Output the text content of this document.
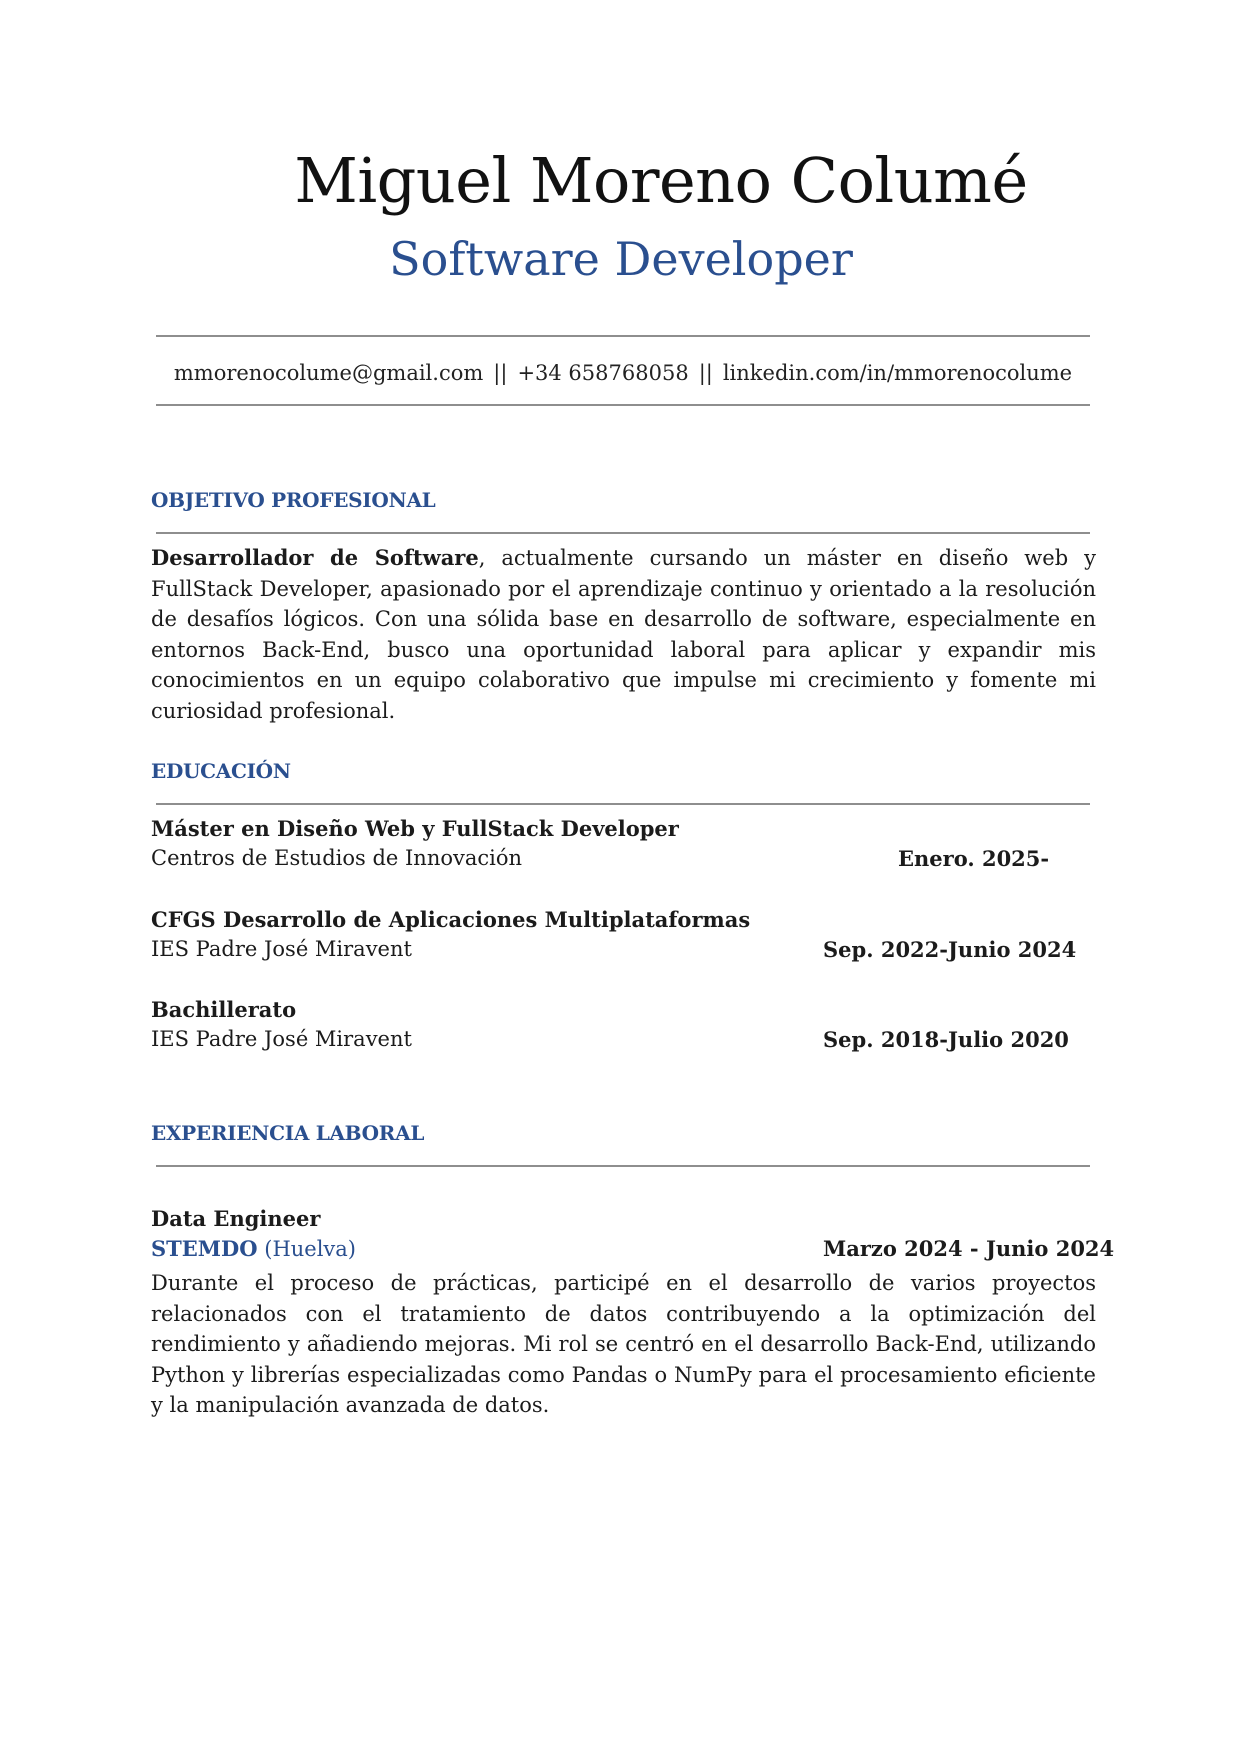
Miguel Moreno Columé
Software Developer
mmorenocolume@gmail.com || +34 658768058 || linkedin.com/in/mmorenocolume
OBJETIVO PROFESIONAL

Desarrollador de Software, actualmente cursando un máster en diseño web y FullStack Developer, apasionado por el aprendizaje continuo y orientado a la resolución de desafíos lógicos. Con una sólida base en desarrollo de software, especialmente en entornos Back-End, busco una oportunidad laboral para aplicar y expandir mis conocimientos en un equipo colaborativo que impulse mi crecimiento y fomente mi curiosidad profesional.

EDUCACIÓN
Máster en Diseño Web y FullStack Developer
Centros de Estudios de Innovación	Enero. 2025-
CFGS Desarrollo de Aplicaciones Multiplataformas
IES Padre José Miravent	Sep. 2022-Junio 2024
Bachillerato
IES Padre José Miravent	Sep. 2018-Julio 2020
EXPERIENCIA LABORAL
Data Engineer
STEMDO (Huelva)	Marzo 2024 - Junio 2024

Durante el proceso de prácticas, participé en el desarrollo de varios proyectos relacionados con el tratamiento de datos contribuyendo a la optimización del rendimiento y añadiendo mejoras. Mi rol se centró en el desarrollo Back-End, utilizando Python y librerías especializadas como Pandas o NumPy para el procesamiento eficiente y la manipulación avanzada de datos.
